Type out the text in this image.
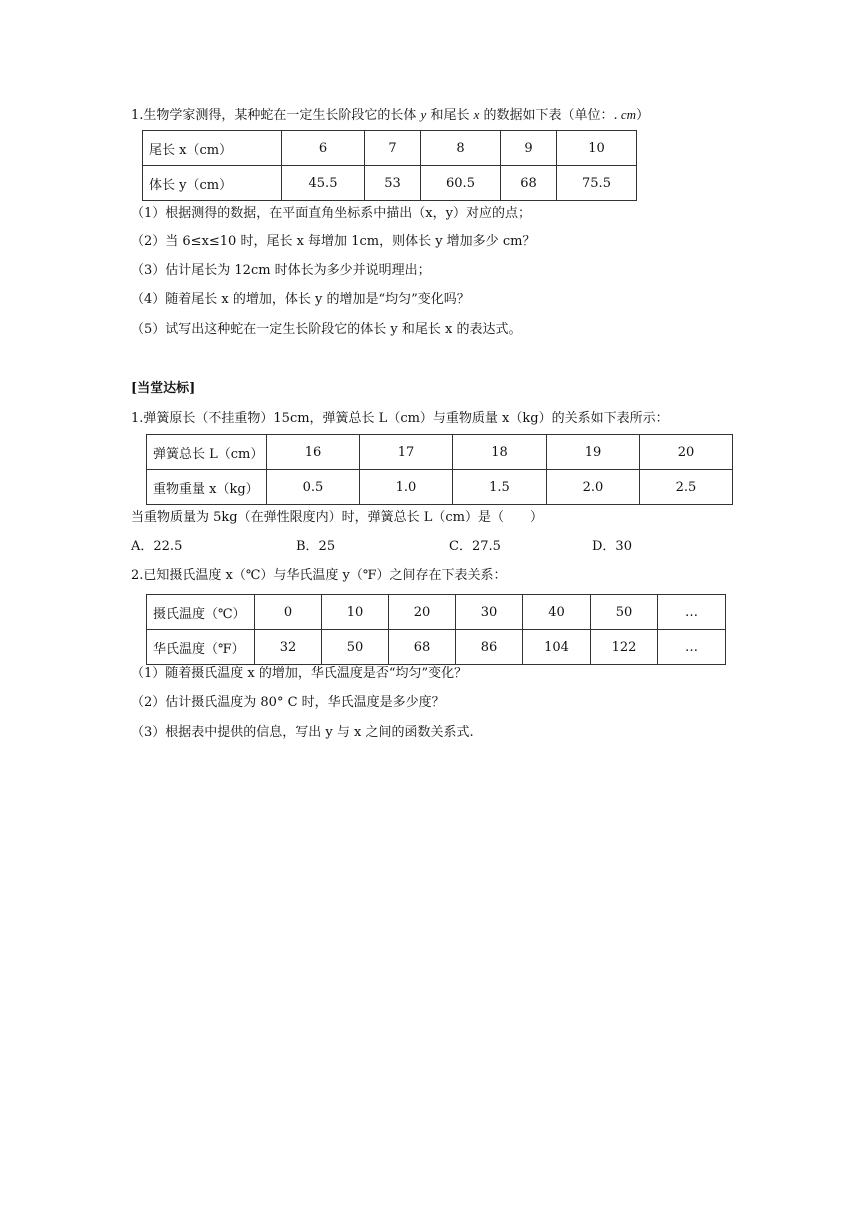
1.生物学家测得，某种蛇在一定生长阶段它的长体 y 和尾长 x 的数据如下表（单位：. cm）
尾长 x（cm）	6	7	8	9	10
体长 y（cm）	45.5	53	60.5	68	75.5
（1）根据测得的数据，在平面直角坐标系中描出（x，y）对应的点；
（2）当 6≤x≤10 时，尾长 x 每增加 1cm，则体长 y 增加多少 cm？
（3）估计尾长为 12cm 时体长为多少并说明理出；
（4）随着尾长 x 的增加，体长 y 的增加是“均匀”变化吗？
（5）试写出这种蛇在一定生长阶段它的体长 y 和尾长 x 的表达式。
[当堂达标]
1.弹簧原长（不挂重物）15cm，弹簧总长 L（cm）与重物质量 x（kg）的关系如下表所示：
弹簧总长 L（cm）	16	17	18	19	20
重物重量 x（kg）	0.5	1.0	1.5	2.0	2.5
当重物质量为 5kg（在弹性限度内）时，弹簧总长 L（cm）是（　　）
A．22.5	B．25	C．27.5	D．30
2.已知摄氏温度 x（℃）与华氏温度 y（℉）之间存在下表关系：
摄氏温度（℃）	0	10	20	30	40	50	…
华氏温度（℉）	32	50	68	86	104	122	…
（1）随着摄氏温度 x 的增加，华氏温度是否“均匀”变化？
（2）估计摄氏温度为 80° C 时，华氏温度是多少度？
（3）根据表中提供的信息，写出 y 与 x 之间的函数关系式.
